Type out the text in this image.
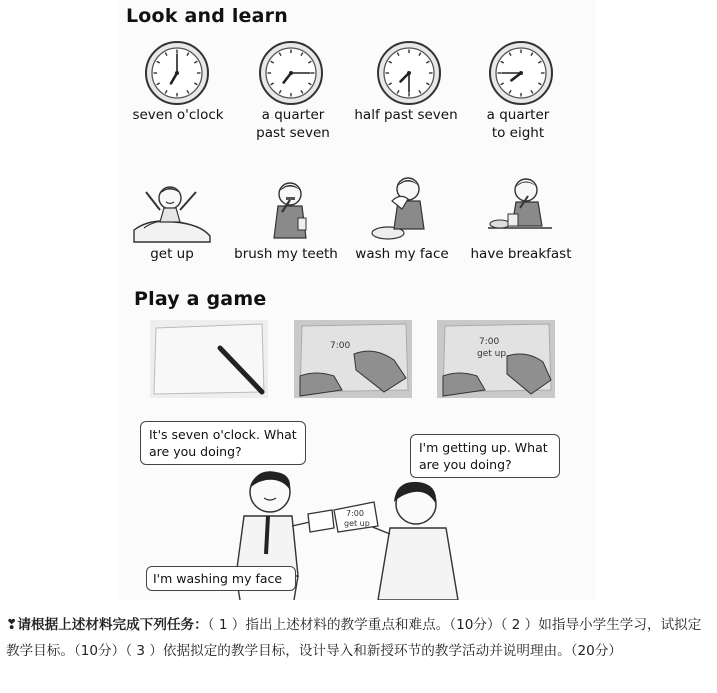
Look and learn
seven o'clock	a quarter
past seven
half past seven	a quarter
to eight
get up	brush my teeth	wash my face	have breakfast
Play a game
7:00	7:00
get up
7:00
get up
It's seven o'clock. What
are you doing?	I'm getting up. What
are you doing?
I'm washing my face
❣请根据上述材料完成下列任务：（ 1 ）指出上述材料的教学重点和难点。（10分）（ 2 ）如指导小学生学习，试拟定教学目标。（10分）（ 3 ）依据拟定的教学目标，设计导入和新授环节的教学活动并说明理由。（20分）
